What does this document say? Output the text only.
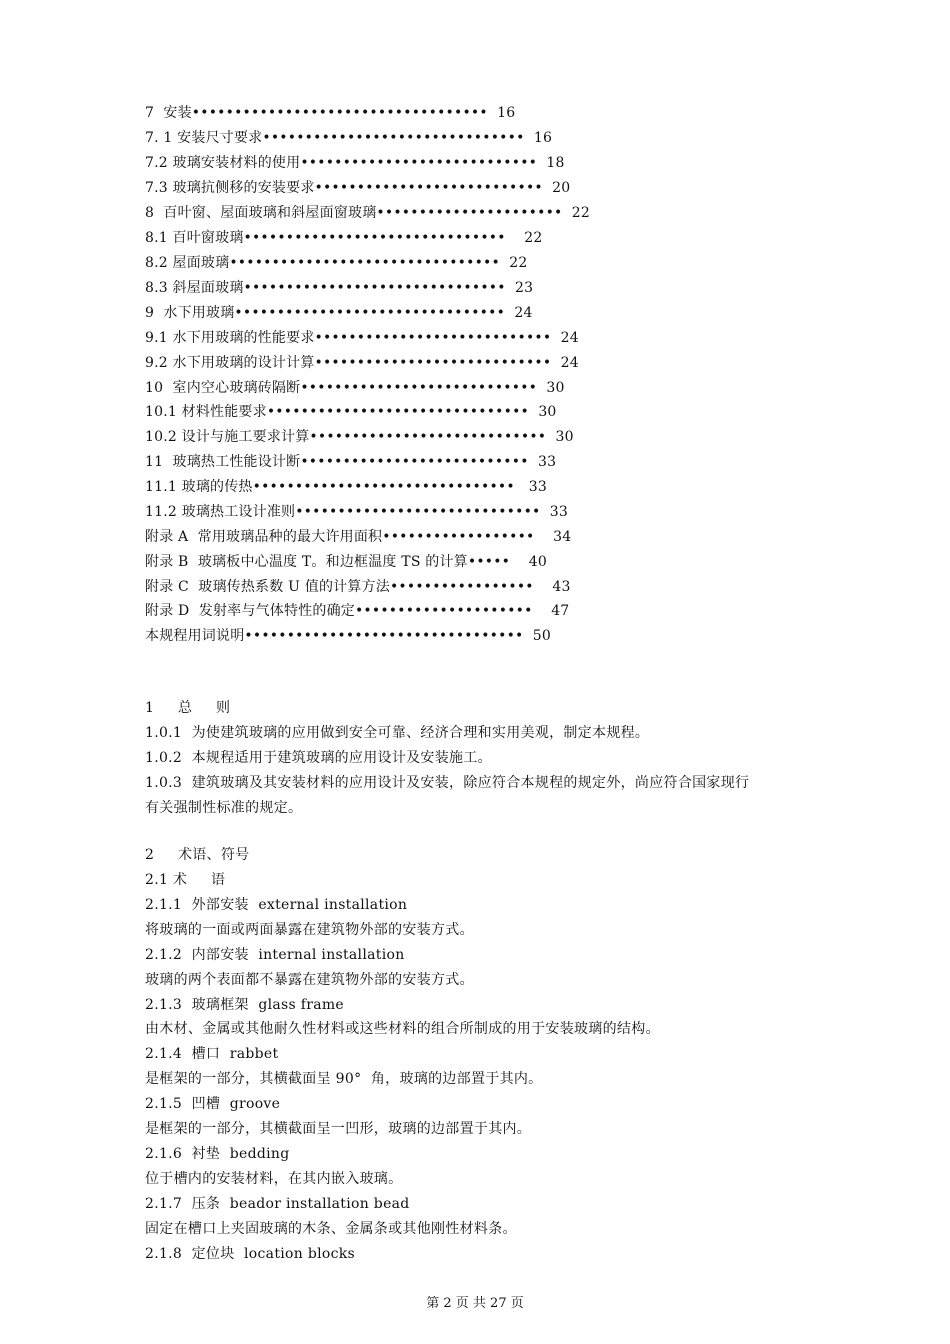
7  安装•••••••••••••••••••••••••••••••••••  16
7. 1 安装尺寸要求•••••••••••••••••••••••••••••••  16
7.2 玻璃安装材料的使用••••••••••••••••••••••••••••  18
7.3 玻璃抗侧移的安装要求•••••••••••••••••••••••••••  20
8  百叶窗、屋面玻璃和斜屋面窗玻璃••••••••••••••••••••••  22
8.1 百叶窗玻璃•••••••••••••••••••••••••••••••    22
8.2 屋面玻璃••••••••••••••••••••••••••••••••  22
8.3 斜屋面玻璃•••••••••••••••••••••••••••••••  23
9  水下用玻璃••••••••••••••••••••••••••••••••  24
9.1 水下用玻璃的性能要求••••••••••••••••••••••••••••  24
9.2 水下用玻璃的设计计算••••••••••••••••••••••••••••  24
10  室内空心玻璃砖隔断••••••••••••••••••••••••••••  30
10.1 材料性能要求•••••••••••••••••••••••••••••••  30
10.2 设计与施工要求计算••••••••••••••••••••••••••••  30
11  玻璃热工性能设计断•••••••••••••••••••••••••••  33
11.1 玻璃的传热•••••••••••••••••••••••••••••••   33
11.2 玻璃热工设计准则•••••••••••••••••••••••••••••  33
附录 A  常用玻璃品种的最大许用面积••••••••••••••••••    34
附录 B  玻璃板中心温度 T。和边框温度 TS 的计算•••••    40
附录 C  玻璃传热系数 U 值的计算方法•••••••••••••••••    43
附录 D  发射率与气体特性的确定•••••••••••••••••••••    47
本规程用词说明•••••••••••••••••••••••••••••••••  50
1     总     则
1.0.1  为使建筑玻璃的应用做到安全可靠、经济合理和实用美观，制定本规程。
1.0.2  本规程适用于建筑玻璃的应用设计及安装施工。
1.0.3  建筑玻璃及其安装材料的应用设计及安装，除应符合本规程的规定外，尚应符合国家现行
有关强制性标准的规定。
2     术语、符号
2.1 术     语
2.1.1  外部安装  external installation
将玻璃的一面或两面暴露在建筑物外部的安装方式。
2.1.2  内部安装  internal installation
玻璃的两个表面都不暴露在建筑物外部的安装方式。
2.1.3  玻璃框架  glass frame
由木材、金属或其他耐久性材料或这些材料的组合所制成的用于安装玻璃的结构。
2.1.4  槽口  rabbet
是框架的一部分，其横截面呈 90°  角，玻璃的边部置于其内。
2.1.5  凹槽  groove
是框架的一部分，其横截面呈一凹形，玻璃的边部置于其内。
2.1.6  衬垫  bedding
位于槽内的安装材料，在其内嵌入玻璃。
2.1.7  压条  beador installation bead
固定在槽口上夹固玻璃的木条、金属条或其他刚性材料条。
2.1.8  定位块  location blocks
第 2 页 共 27 页
